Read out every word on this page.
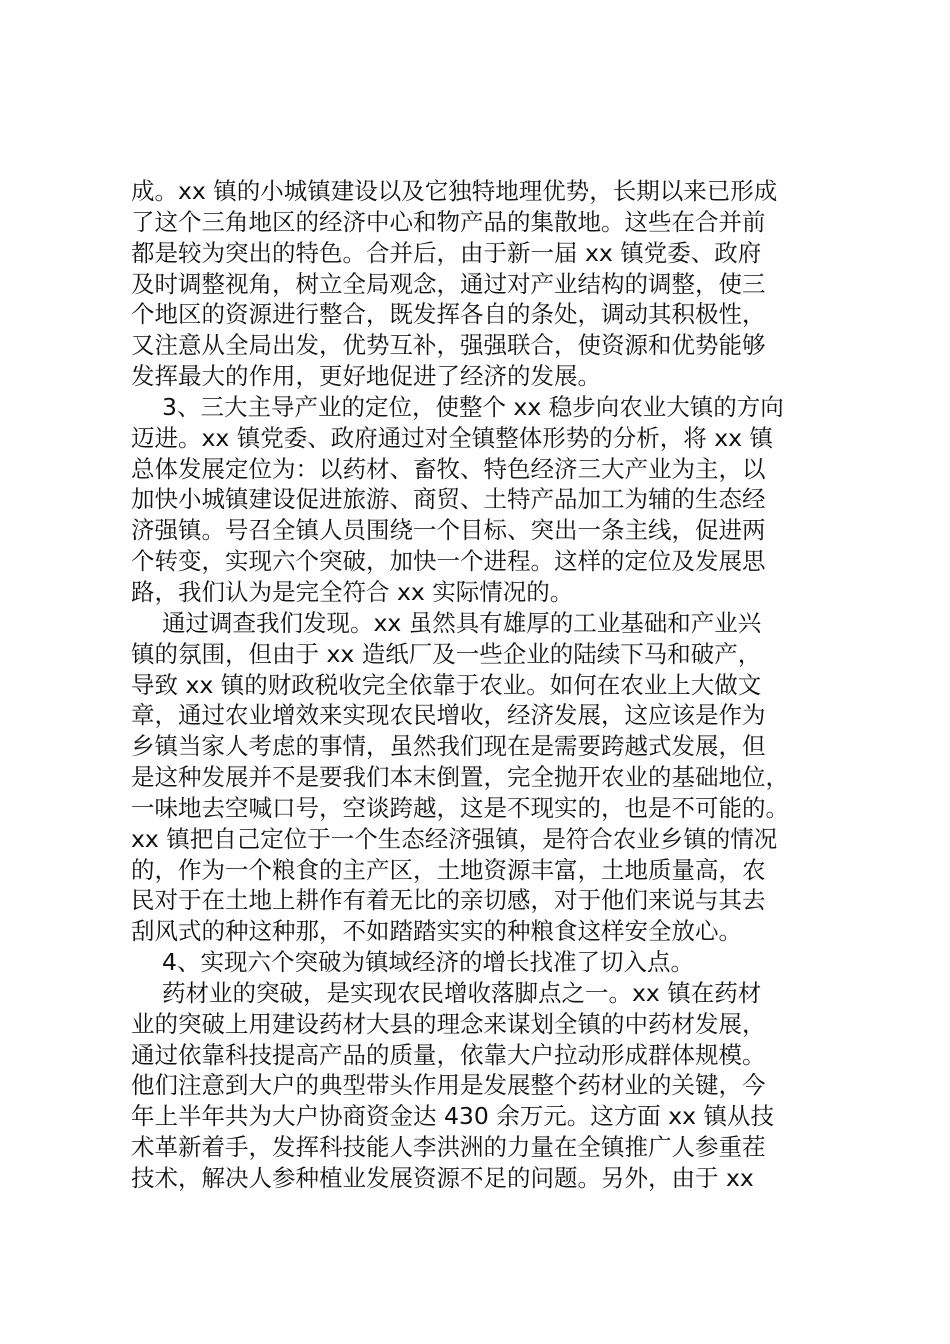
成。xx 镇的小城镇建设以及它独特地理优势，长期以来已形成
了这个三角地区的经济中心和物产品的集散地。这些在合并前
都是较为突出的特色。合并后，由于新一届 xx 镇党委、政府
及时调整视角，树立全局观念，通过对产业结构的调整，使三
个地区的资源进行整合，既发挥各自的条处，调动其积极性，
又注意从全局出发，优势互补，强强联合，使资源和优势能够
发挥最大的作用，更好地促进了经济的发展。
3、三大主导产业的定位，使整个 xx 稳步向农业大镇的方向
迈进。xx 镇党委、政府通过对全镇整体形势的分析，将 xx 镇
总体发展定位为：以药材、畜牧、特色经济三大产业为主，以
加快小城镇建设促进旅游、商贸、土特产品加工为辅的生态经
济强镇。号召全镇人员围绕一个目标、突出一条主线，促进两
个转变，实现六个突破，加快一个进程。这样的定位及发展思
路，我们认为是完全符合 xx 实际情况的。
通过调查我们发现。xx 虽然具有雄厚的工业基础和产业兴
镇的氛围，但由于 xx 造纸厂及一些企业的陆续下马和破产，
导致 xx 镇的财政税收完全依靠于农业。如何在农业上大做文
章，通过农业增效来实现农民增收，经济发展，这应该是作为
乡镇当家人考虑的事情，虽然我们现在是需要跨越式发展，但
是这种发展并不是要我们本末倒置，完全抛开农业的基础地位，
一味地去空喊口号，空谈跨越，这是不现实的，也是不可能的。
xx 镇把自己定位于一个生态经济强镇，是符合农业乡镇的情况
的，作为一个粮食的主产区，土地资源丰富，土地质量高，农
民对于在土地上耕作有着无比的亲切感，对于他们来说与其去
刮风式的种这种那，不如踏踏实实的种粮食这样安全放心。
4、实现六个突破为镇域经济的增长找准了切入点。
药材业的突破，是实现农民增收落脚点之一。xx 镇在药材
业的突破上用建设药材大县的理念来谋划全镇的中药材发展，
通过依靠科技提高产品的质量，依靠大户拉动形成群体规模。
他们注意到大户的典型带头作用是发展整个药材业的关键，今
年上半年共为大户协商资金达 430 余万元。这方面 xx 镇从技
术革新着手，发挥科技能人李洪洲的力量在全镇推广人参重茬
技术，解决人参种植业发展资源不足的问题。另外，由于 xx
